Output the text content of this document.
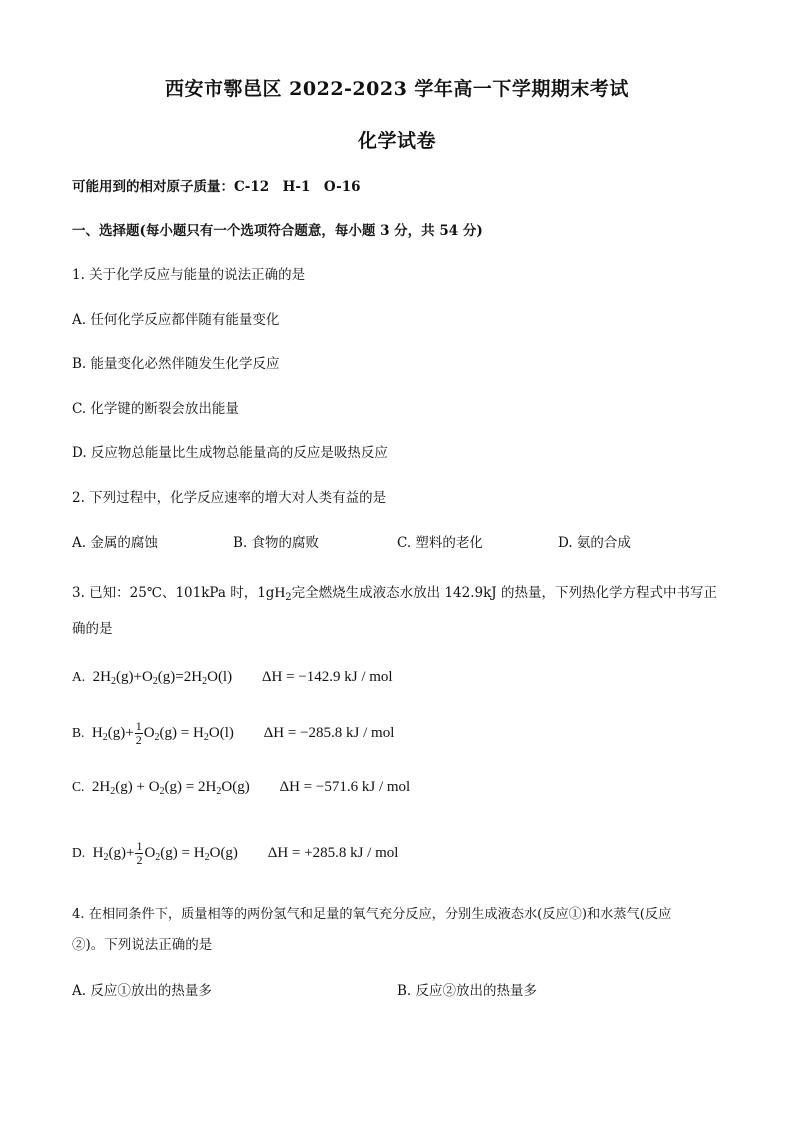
西安市鄠邑区 2022-2023 学年高一下学期期末考试
化学试卷
可能用到的相对原子质量：C-12　H-1　O-16
一、选择题(每小题只有一个选项符合题意，每小题 3 分，共 54 分)
1. 关于化学反应与能量的说法正确的是
A. 任何化学反应都伴随有能量变化
B. 能量变化必然伴随发生化学反应
C. 化学键的断裂会放出能量
D. 反应物总能量比生成物总能量高的反应是吸热反应
2. 下列过程中，化学反应速率的增大对人类有益的是
A. 金属的腐蚀	B. 食物的腐败	C. 塑料的老化	D. 氨的合成
3. 已知：25℃、101kPa 时，$1gH_2$完全燃烧生成液态水放出 142.9kJ 的热量，下列热化学方程式中书写正
确的是
A. $2H_2(g)+O_2(g)=2H_2O(l) \Delta H = -142.9$ kJ / mol
B. $H_2(g)+ \frac{1}{2} O_2(g) = H_2O(l) \Delta H = -285.8$ kJ / mol
C. $2H_2(g) + O_2(g) = 2H_2O(g) \Delta H = -571.6$ kJ / mol
D. $H_2(g)+ \frac{1}{2} O_2(g) = H_2O(g) \Delta H = +285.8$ kJ / mol
4. 在相同条件下，质量相等的两份氢气和足量的氧气充分反应，分别生成液态水(反应①)和水蒸气(反应
②)。下列说法正确的是
A. 反应①放出的热量多	B. 反应②放出的热量多
